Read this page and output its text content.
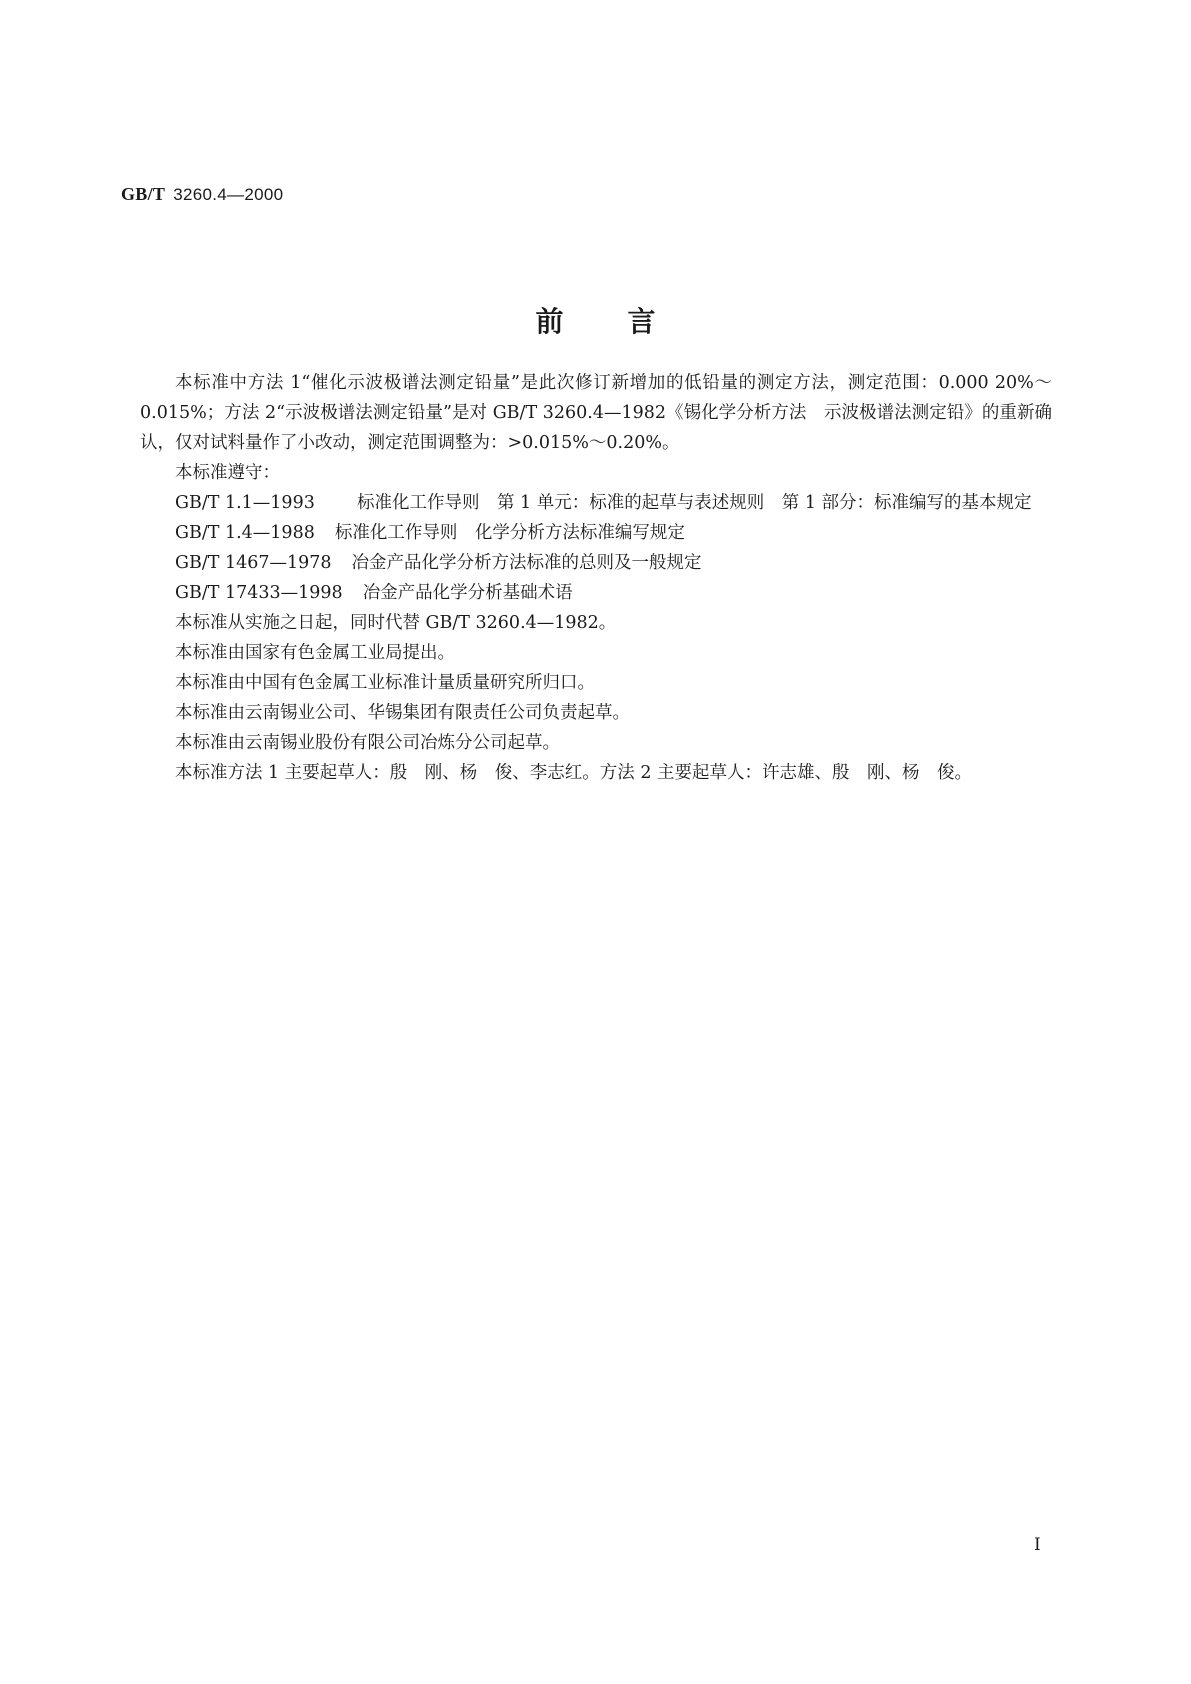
GB/T 3260.4—2000
前言

本标准中方法 1“催化示波极谱法测定铅量”是此次修订新增加的低铅量的测定方法，测定范围：0.000 20%～0.015%；方法 2“示波极谱法测定铅量”是对 GB/T 3260.4—1982《锡化学分析方法　示波极谱法测定铅》的重新确认，仅对试料量作了小改动，测定范围调整为：>0.015%～0.20%。

本标准遵守：

GB/T 1.1—1993	标准化工作导则　第 1 单元：标准的起草与表述规则　第 1 部分：标准编写的基本规定
GB/T 1.4—1988	标准化工作导则　化学分析方法标准编写规定
GB/T 1467—1978	冶金产品化学分析方法标准的总则及一般规定
GB/T 17433—1998	冶金产品化学分析基础术语

本标准从实施之日起，同时代替 GB/T 3260.4—1982。

本标准由国家有色金属工业局提出。

本标准由中国有色金属工业标准计量质量研究所归口。

本标准由云南锡业公司、华锡集团有限责任公司负责起草。

本标准由云南锡业股份有限公司冶炼分公司起草。

本标准方法 1 主要起草人：殷　刚、杨　俊、李志红。方法 2 主要起草人：许志雄、殷　刚、杨　俊。

I
